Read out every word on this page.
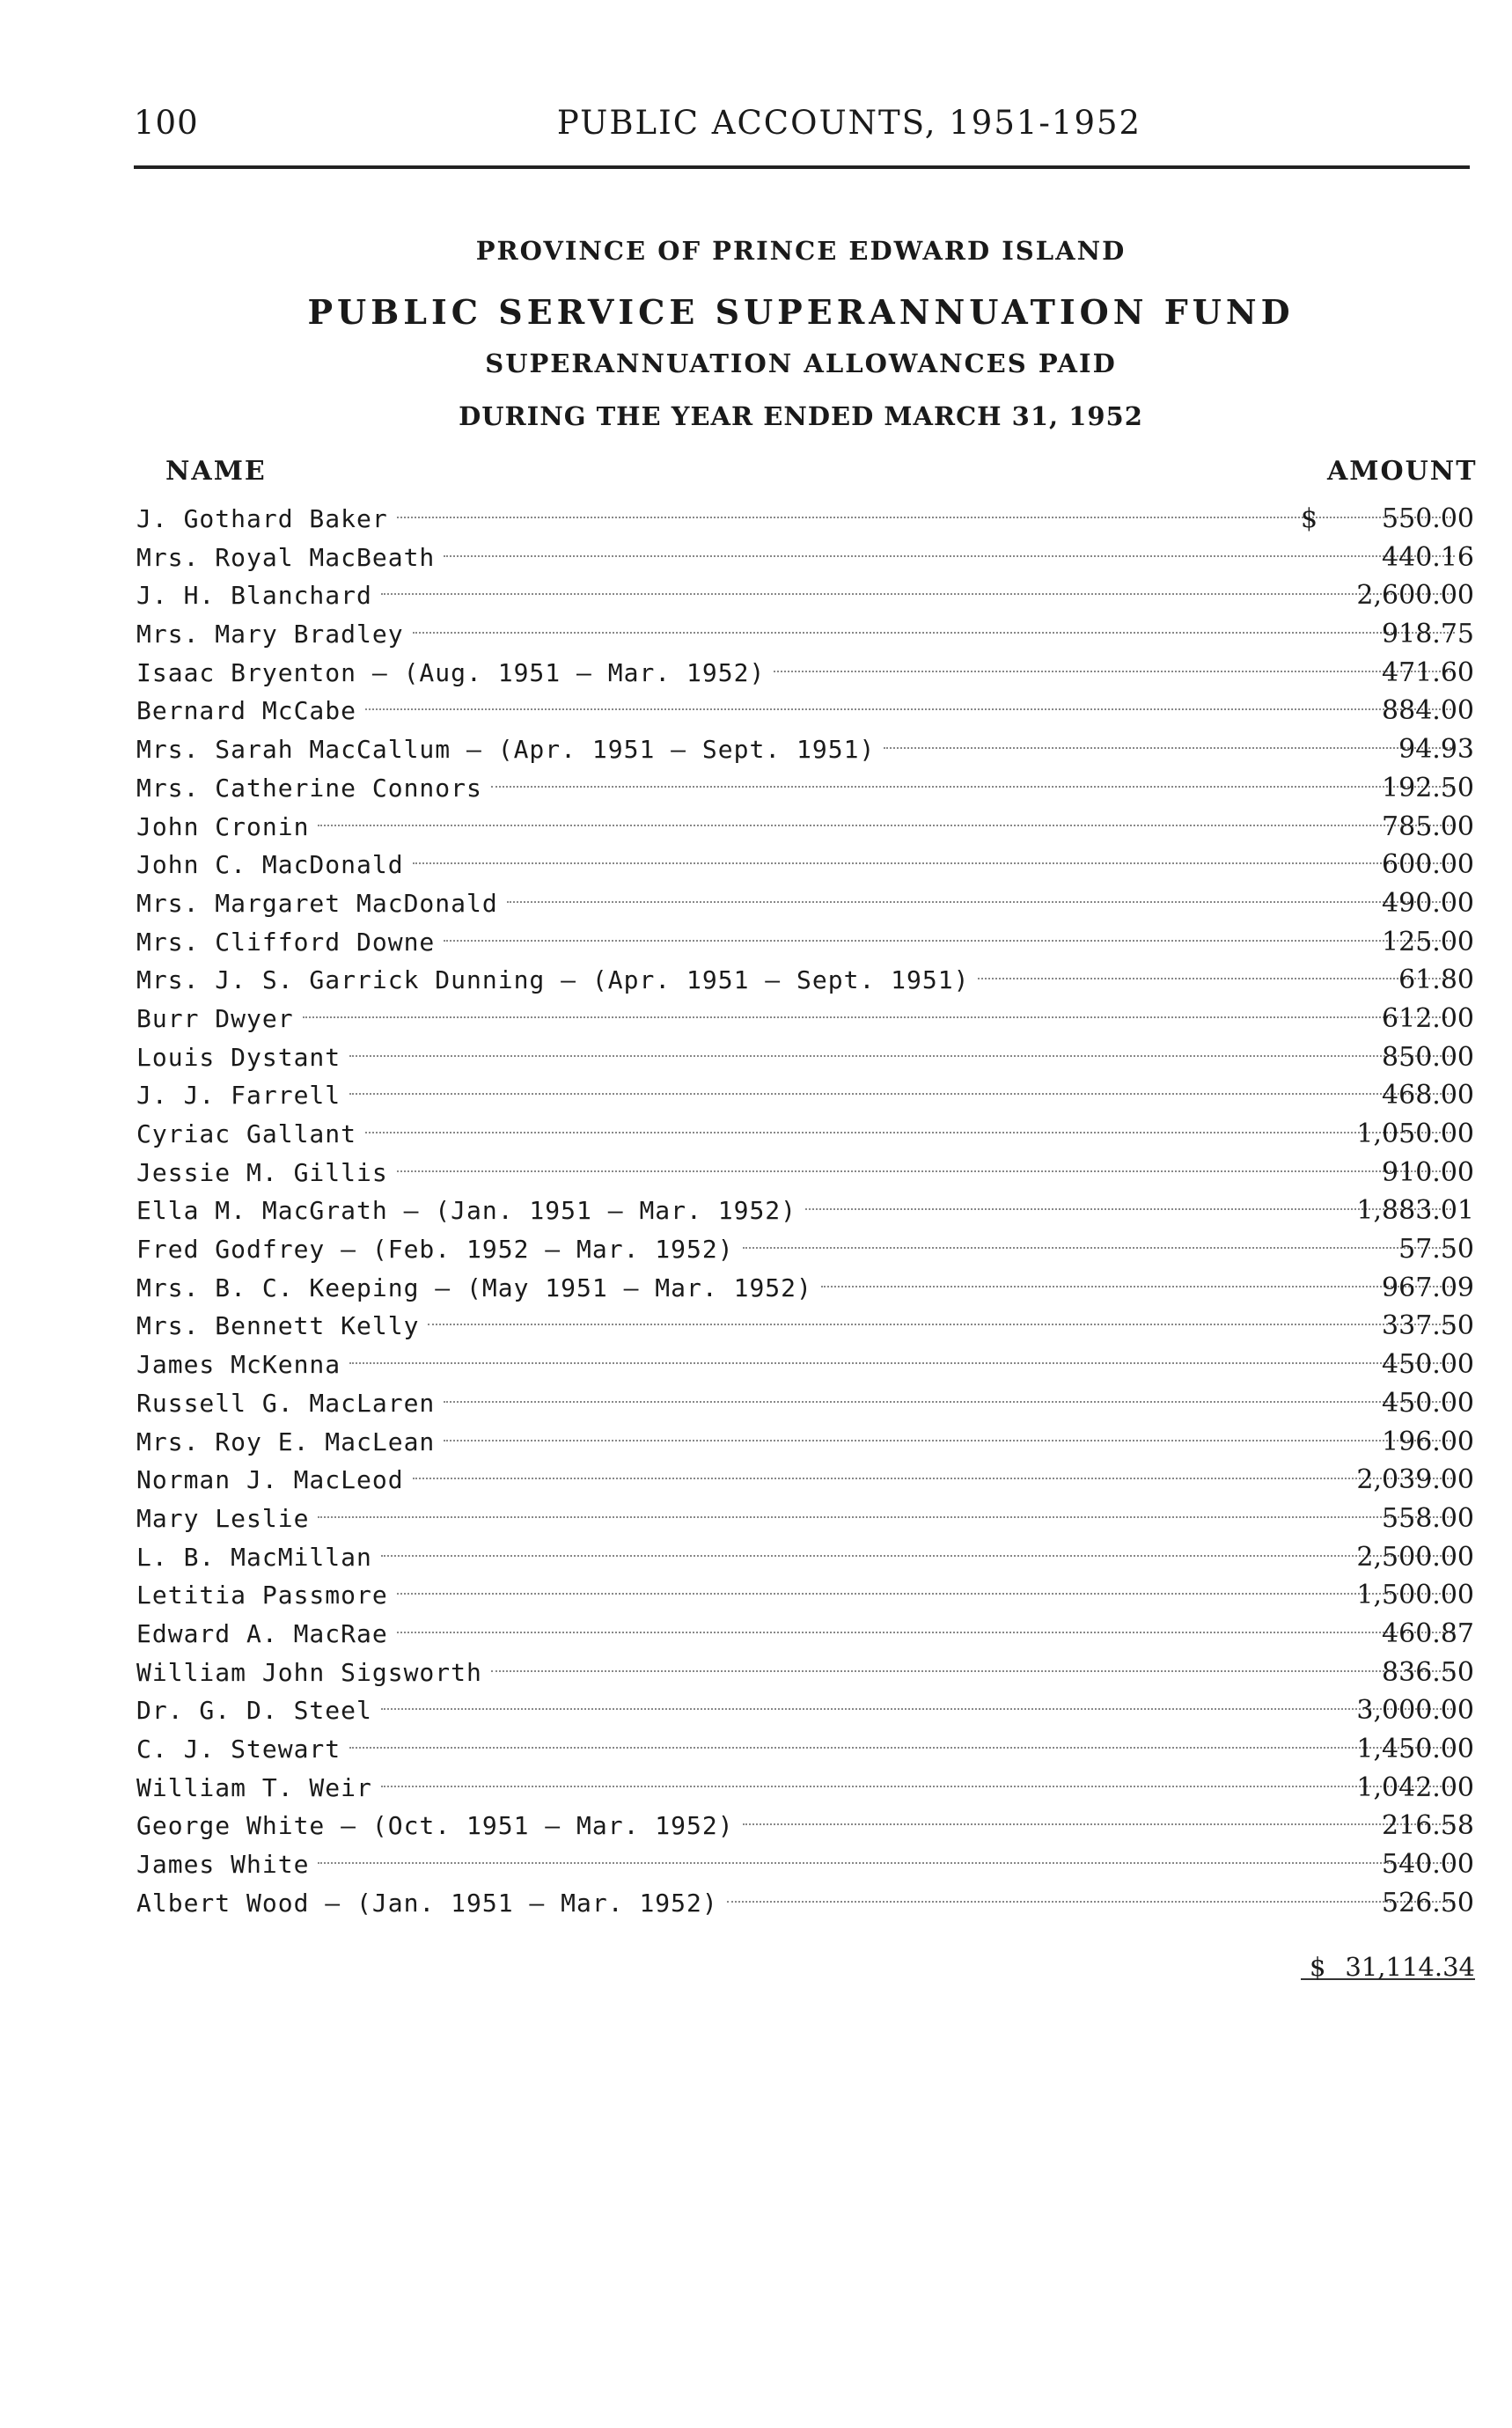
100	PUBLIC ACCOUNTS, 1951-1952
PROVINCE OF PRINCE EDWARD ISLAND
PUBLIC SERVICE SUPERANNUATION FUND
SUPERANNUATION ALLOWANCES PAID
DURING THE YEAR ENDED MARCH 31, 1952
NAME	AMOUNT
J. Gothard Baker	$	550.00
Mrs. Royal MacBeath	440.16
J. H. Blanchard	2,600.00
Mrs. Mary Bradley	918.75
Isaac Bryenton — (Aug. 1951 — Mar. 1952)	471.60
Bernard McCabe	884.00
Mrs. Sarah MacCallum — (Apr. 1951 — Sept. 1951)	94.93
Mrs. Catherine Connors	192.50
John Cronin	785.00
John C. MacDonald	600.00
Mrs. Margaret MacDonald	490.00
Mrs. Clifford Downe	125.00
Mrs. J. S. Garrick Dunning — (Apr. 1951 — Sept. 1951)	61.80
Burr Dwyer	612.00
Louis Dystant	850.00
J. J. Farrell	468.00
Cyriac Gallant	1,050.00
Jessie M. Gillis	910.00
Ella M. MacGrath — (Jan. 1951 — Mar. 1952)	1,883.01
Fred Godfrey — (Feb. 1952 — Mar. 1952)	57.50
Mrs. B. C. Keeping — (May 1951 — Mar. 1952)	967.09
Mrs. Bennett Kelly	337.50
James McKenna	450.00
Russell G. MacLaren	450.00
Mrs. Roy E. MacLean	196.00
Norman J. MacLeod	2,039.00
Mary Leslie	558.00
L. B. MacMillan	2,500.00
Letitia Passmore	1,500.00
Edward A. MacRae	460.87
William John Sigsworth	836.50
Dr. G. D. Steel	3,000.00
C. J. Stewart	1,450.00
William T. Weir	1,042.00
George White — (Oct. 1951 — Mar. 1952)	216.58
James White	540.00
Albert Wood — (Jan. 1951 — Mar. 1952)	526.50
$ 31,114.34
